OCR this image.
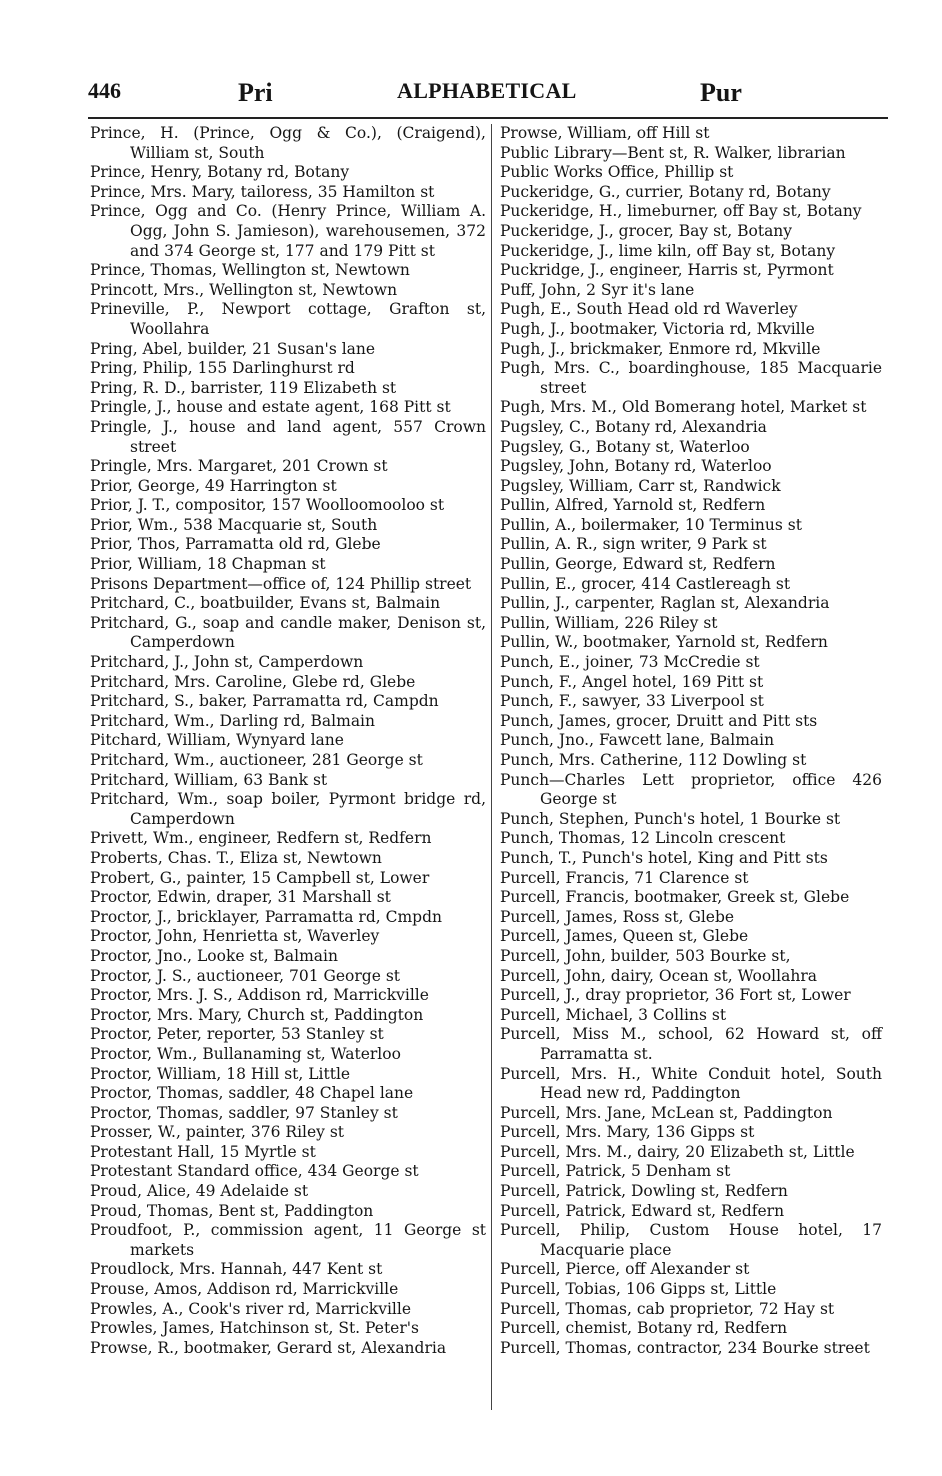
446	Pri	ALPHABETICAL	Pur
Prince, H. (Prince, Ogg & Co.), (Craigend), William st, South
Prince, Henry, Botany rd, Botany
Prince, Mrs. Mary, tailoress, 35 Hamilton st
Prince, Ogg and Co. (Henry Prince, William A. Ogg, John S. Jamieson), warehousemen, 372 and 374 George st, 177 and 179 Pitt st
Prince, Thomas, Wellington st, Newtown
Princott, Mrs., Wellington st, Newtown
Prineville, P., Newport cottage, Grafton st, Woollahra
Pring, Abel, builder, 21 Susan's lane
Pring, Philip, 155 Darlinghurst rd
Pring, R. D., barrister, 119 Elizabeth st
Pringle, J., house and estate agent, 168 Pitt st
Pringle, J., house and land agent, 557 Crown street
Pringle, Mrs. Margaret, 201 Crown st
Prior, George, 49 Harrington st
Prior, J. T., compositor, 157 Woolloomooloo st
Prior, Wm., 538 Macquarie st, South
Prior, Thos, Parramatta old rd, Glebe
Prior, William, 18 Chapman st
Prisons Department—office of, 124 Phillip street
Pritchard, C., boatbuilder, Evans st, Balmain
Pritchard, G., soap and candle maker, Denison st, Camperdown
Pritchard, J., John st, Camperdown
Pritchard, Mrs. Caroline, Glebe rd, Glebe
Pritchard, S., baker, Parramatta rd, Campdn
Pritchard, Wm., Darling rd, Balmain
Pitchard, William, Wynyard lane
Pritchard, Wm., auctioneer, 281 George st
Pritchard, William, 63 Bank st
Pritchard, Wm., soap boiler, Pyrmont bridge rd, Camperdown
Privett, Wm., engineer, Redfern st, Redfern
Proberts, Chas. T., Eliza st, Newtown
Probert, G., painter, 15 Campbell st, Lower
Proctor, Edwin, draper, 31 Marshall st
Proctor, J., bricklayer, Parramatta rd, Cmpdn
Proctor, John, Henrietta st, Waverley
Proctor, Jno., Looke st, Balmain
Proctor, J. S., auctioneer, 701 George st
Proctor, Mrs. J. S., Addison rd, Marrickville
Proctor, Mrs. Mary, Church st, Paddington
Proctor, Peter, reporter, 53 Stanley st
Proctor, Wm., Bullanaming st, Waterloo
Proctor, William, 18 Hill st, Little
Proctor, Thomas, saddler, 48 Chapel lane
Proctor, Thomas, saddler, 97 Stanley st
Prosser, W., painter, 376 Riley st
Protestant Hall, 15 Myrtle st
Protestant Standard office, 434 George st
Proud, Alice, 49 Adelaide st
Proud, Thomas, Bent st, Paddington
Proudfoot, P., commission agent, 11 George st markets
Proudlock, Mrs. Hannah, 447 Kent st
Prouse, Amos, Addison rd, Marrickville
Prowles, A., Cook's river rd, Marrickville
Prowles, James, Hatchinson st, St. Peter's
Prowse, R., bootmaker, Gerard st, Alexandria
Prowse, William, off Hill st
Public Library—Bent st, R. Walker, librarian
Public Works Office, Phillip st
Puckeridge, G., currier, Botany rd, Botany
Puckeridge, H., limeburner, off Bay st, Botany
Puckeridge, J., grocer, Bay st, Botany
Puckeridge, J., lime kiln, off Bay st, Botany
Puckridge, J., engineer, Harris st, Pyrmont
Puff, John, 2 Syr it's lane
Pugh, E., South Head old rd Waverley
Pugh, J., bootmaker, Victoria rd, Mkville
Pugh, J., brickmaker, Enmore rd, Mkville
Pugh, Mrs. C., boardinghouse, 185 Macquarie street
Pugh, Mrs. M., Old Bomerang hotel, Market st
Pugsley, C., Botany rd, Alexandria
Pugsley, G., Botany st, Waterloo
Pugsley, John, Botany rd, Waterloo
Pugsley, William, Carr st, Randwick
Pullin, Alfred, Yarnold st, Redfern
Pullin, A., boilermaker, 10 Terminus st
Pullin, A. R., sign writer, 9 Park st
Pullin, George, Edward st, Redfern
Pullin, E., grocer, 414 Castlereagh st
Pullin, J., carpenter, Raglan st, Alexandria
Pullin, William, 226 Riley st
Pullin, W., bootmaker, Yarnold st, Redfern
Punch, E., joiner, 73 McCredie st
Punch, F., Angel hotel, 169 Pitt st
Punch, F., sawyer, 33 Liverpool st
Punch, James, grocer, Druitt and Pitt sts
Punch, Jno., Fawcett lane, Balmain
Punch, Mrs. Catherine, 112 Dowling st
Punch—Charles Lett proprietor, office 426 George st
Punch, Stephen, Punch's hotel, 1 Bourke st
Punch, Thomas, 12 Lincoln crescent
Punch, T., Punch's hotel, King and Pitt sts
Purcell, Francis, 71 Clarence st
Purcell, Francis, bootmaker, Greek st, Glebe
Purcell, James, Ross st, Glebe
Purcell, James, Queen st, Glebe
Purcell, John, builder, 503 Bourke st,
Purcell, John, dairy, Ocean st, Woollahra
Purcell, J., dray proprietor, 36 Fort st, Lower
Purcell, Michael, 3 Collins st
Purcell, Miss M., school, 62 Howard st, off Parramatta st.
Purcell, Mrs. H., White Conduit hotel, South Head new rd, Paddington
Purcell, Mrs. Jane, McLean st, Paddington
Purcell, Mrs. Mary, 136 Gipps st
Purcell, Mrs. M., dairy, 20 Elizabeth st, Little
Purcell, Patrick, 5 Denham st
Purcell, Patrick, Dowling st, Redfern
Purcell, Patrick, Edward st, Redfern
Purcell, Philip, Custom House hotel, 17 Macquarie place
Purcell, Pierce, off Alexander st
Purcell, Tobias, 106 Gipps st, Little
Purcell, Thomas, cab proprietor, 72 Hay st
Purcell, chemist, Botany rd, Redfern
Purcell, Thomas, contractor, 234 Bourke street
